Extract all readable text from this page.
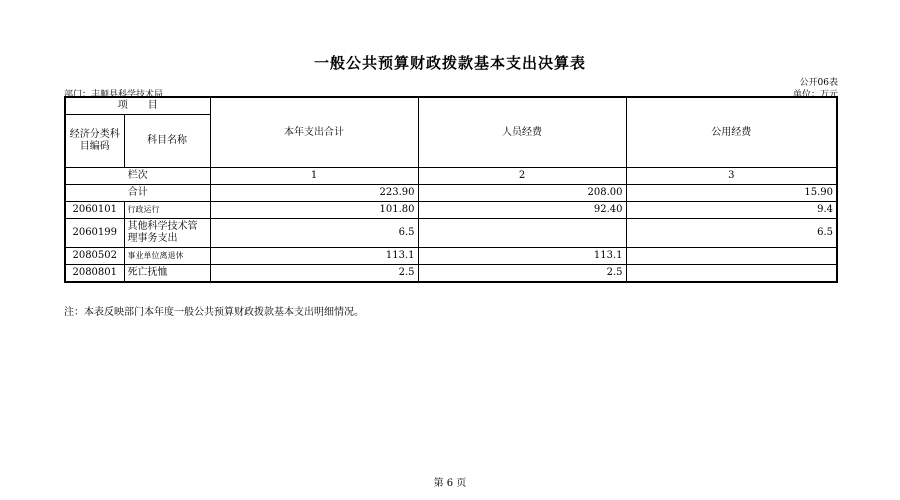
一般公共预算财政拨款基本支出决算表
公开06表
部门：丰顺县科学技术局	单位：万元
项　　目		本年支出合计	人员经费	公用经费
经济分类科目编码	科目名称			

栏次		1	2	3
合计		223.90	208.00	15.90
2060101	行政运行	101.80	92.40	9.4
2060199	其他科学技术管理事务支出	6.5		6.5
2080502	事业单位离退休	113.1	113.1	
2080801	死亡抚恤	2.5	2.5	
注：本表反映部门本年度一般公共预算财政拨款基本支出明细情况。
第 6 页
